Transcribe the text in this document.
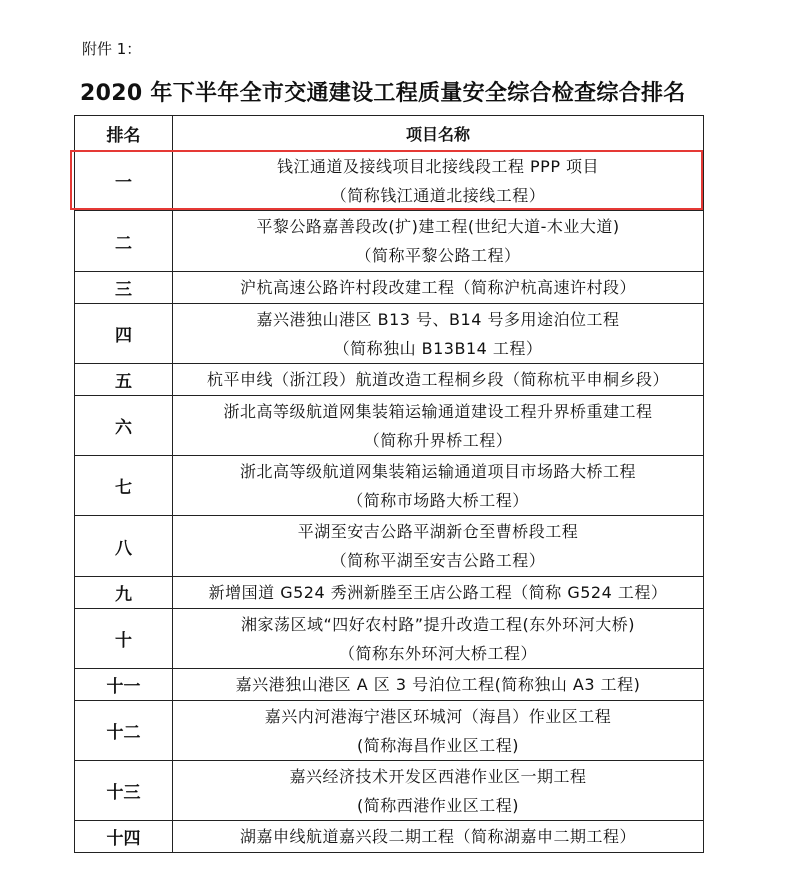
附件 1：
2020 年下半年全市交通建设工程质量安全综合检查综合排名
排名	项目名称
一	钱江通道及接线项目北接线段工程 PPP 项目
（简称钱江通道北接线工程）

二	平黎公路嘉善段改(扩)建工程(世纪大道-木业大道)
（简称平黎公路工程）

三	沪杭高速公路许村段改建工程（简称沪杭高速许村段）

四	嘉兴港独山港区 B13 号、B14 号多用途泊位工程
（简称独山 B13B14 工程）

五	杭平申线（浙江段）航道改造工程桐乡段（简称杭平申桐乡段）

六	浙北高等级航道网集装箱运输通道建设工程升界桥重建工程
（简称升界桥工程）

七	浙北高等级航道网集装箱运输通道项目市场路大桥工程
（简称市场路大桥工程）

八	平湖至安吉公路平湖新仓至曹桥段工程
（简称平湖至安吉公路工程）

九	新增国道 G524 秀洲新塍至王店公路工程（简称 G524 工程）

十	湘家荡区域“四好农村路”提升改造工程(东外环河大桥)
（简称东外环河大桥工程）

十一	嘉兴港独山港区 A 区 3 号泊位工程(简称独山 A3 工程)

十二	嘉兴内河港海宁港区环城河（海昌）作业区工程
(简称海昌作业区工程)

十三	嘉兴经济技术开发区西港作业区一期工程
(简称西港作业区工程)

十四	湖嘉申线航道嘉兴段二期工程（简称湖嘉申二期工程）
